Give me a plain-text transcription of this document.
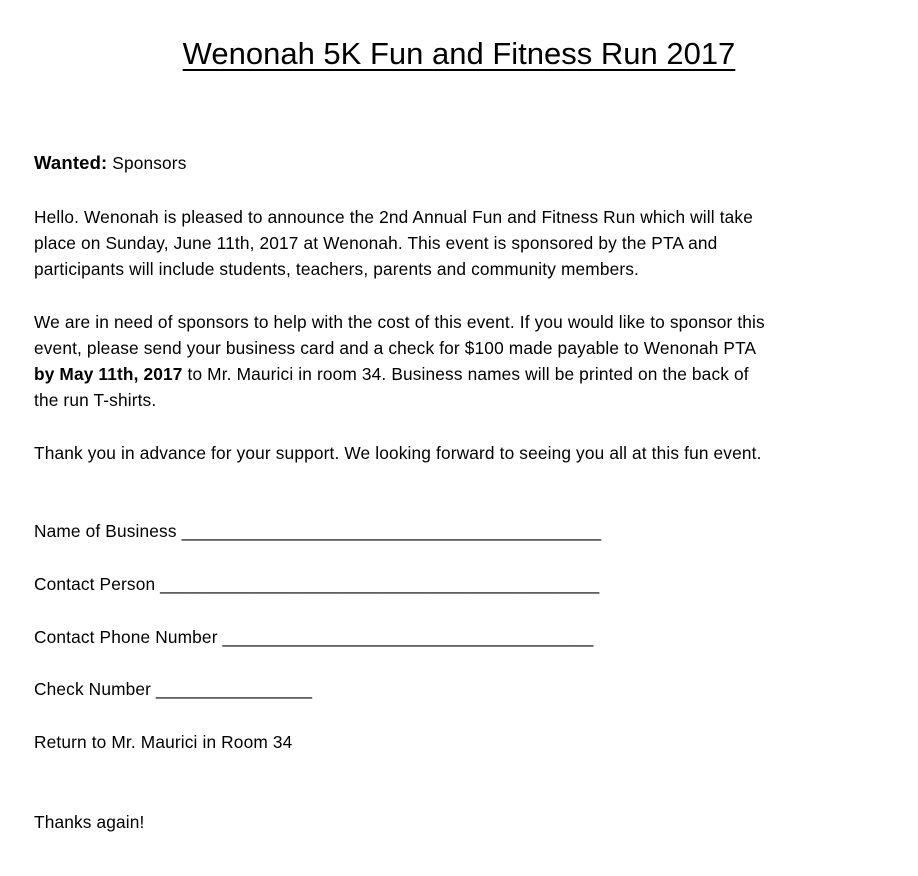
Wenonah 5K Fun and Fitness Run 2017
Wanted: Sponsors

Hello. Wenonah is pleased to announce the 2nd Annual Fun and Fitness Run which will take

place on Sunday, June 11th, 2017 at Wenonah. This event is sponsored by the PTA and

participants will include students, teachers, parents and community members.

We are in need of sponsors to help with the cost of this event. If you would like to sponsor this

event, please send your business card and a check for $100 made payable to Wenonah PTA

by May 11th, 2017 to Mr. Maurici in room 34. Business names will be printed on the back of

the run T-shirts.

Thank you in advance for your support. We looking forward to seeing you all at this fun event.
Name of Business ___________________________________________
Contact Person _____________________________________________
Contact Phone Number ______________________________________
Check Number ________________
Return to Mr. Maurici in Room 34
Thanks again!
